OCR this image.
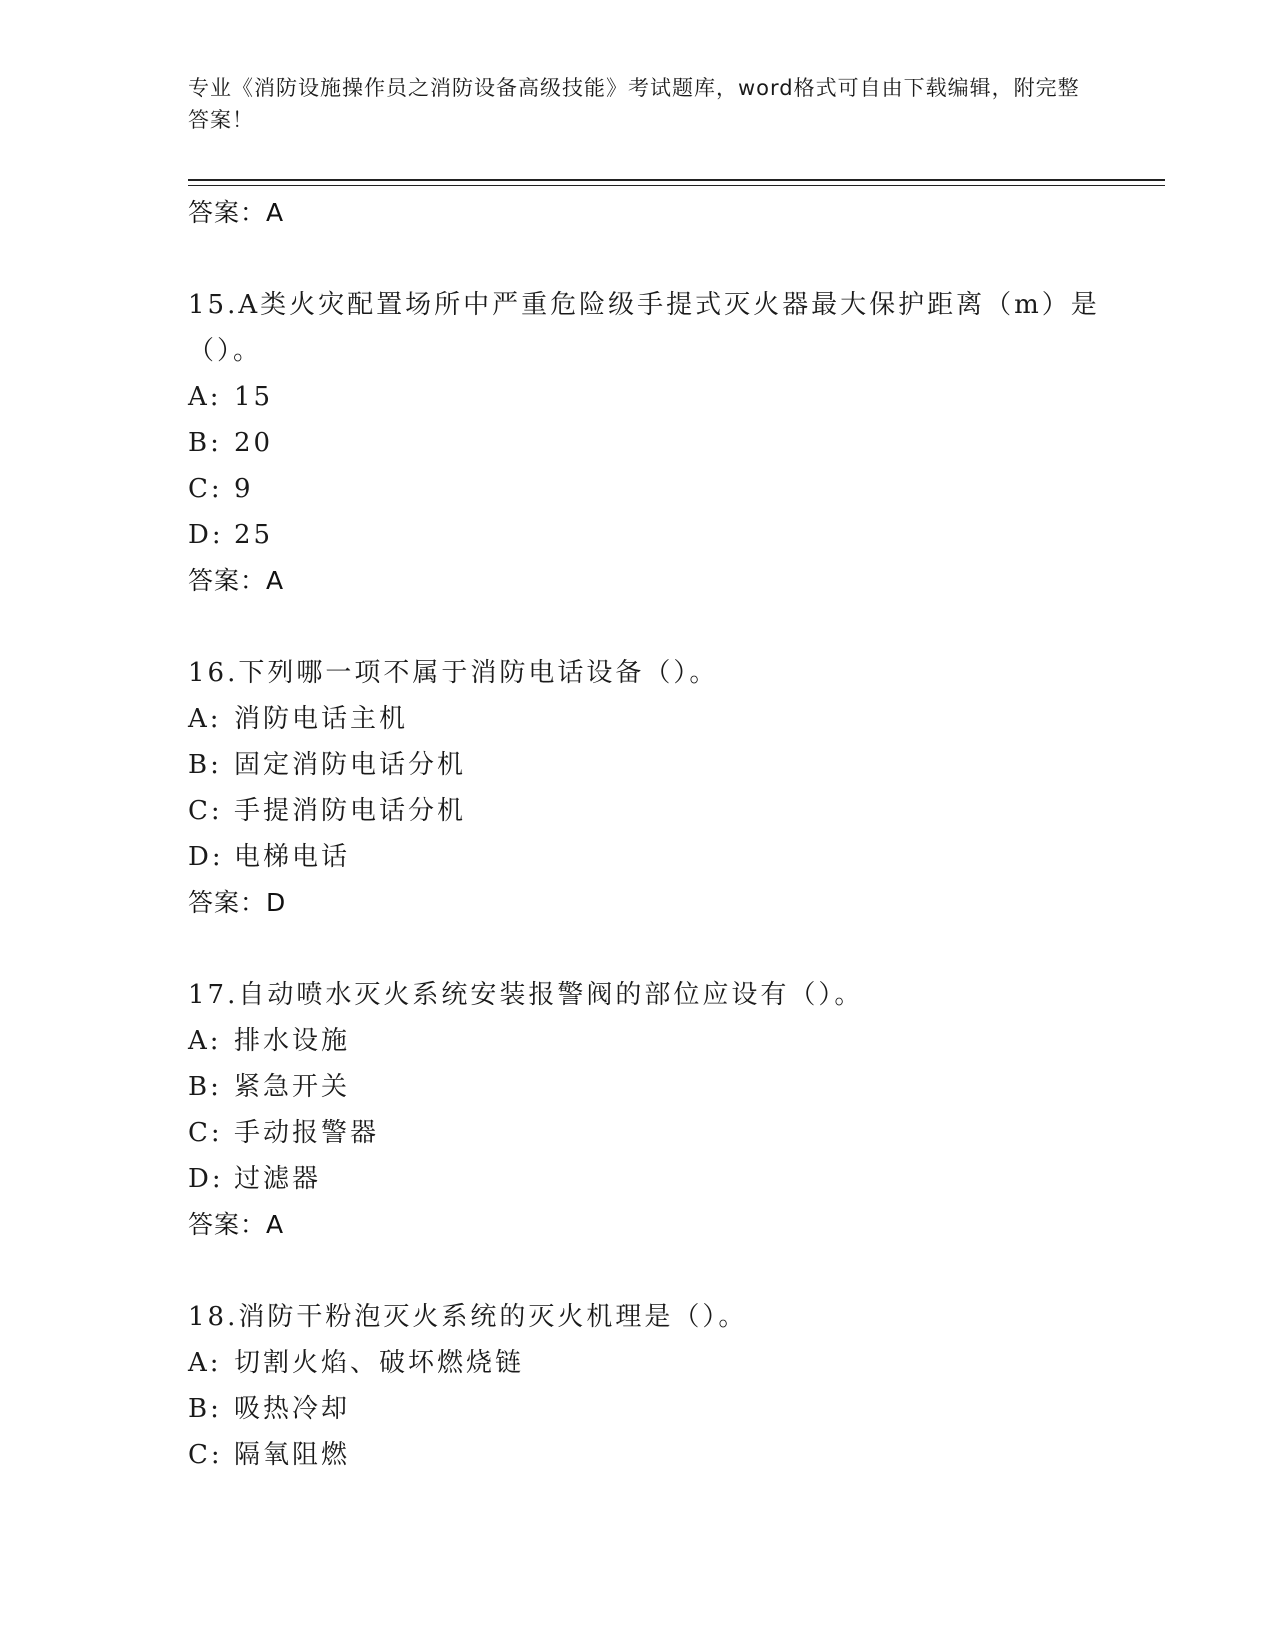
专业《消防设施操作员之消防设备高级技能》考试题库，word格式可自由下载编辑，附完整答案！
答案：A
15.A类火灾配置场所中严重危险级手提式灭火器最大保护距离（m）是（）。
A: 15
B: 20
C: 9
D: 25
答案：A
16.下列哪一项不属于消防电话设备（）。
A: 消防电话主机
B: 固定消防电话分机
C: 手提消防电话分机
D: 电梯电话
答案：D
17.自动喷水灭火系统安装报警阀的部位应设有（）。
A: 排水设施
B: 紧急开关
C: 手动报警器
D: 过滤器
答案：A
18.消防干粉泡灭火系统的灭火机理是（）。
A: 切割火焰、破坏燃烧链
B: 吸热冷却
C: 隔氧阻燃
